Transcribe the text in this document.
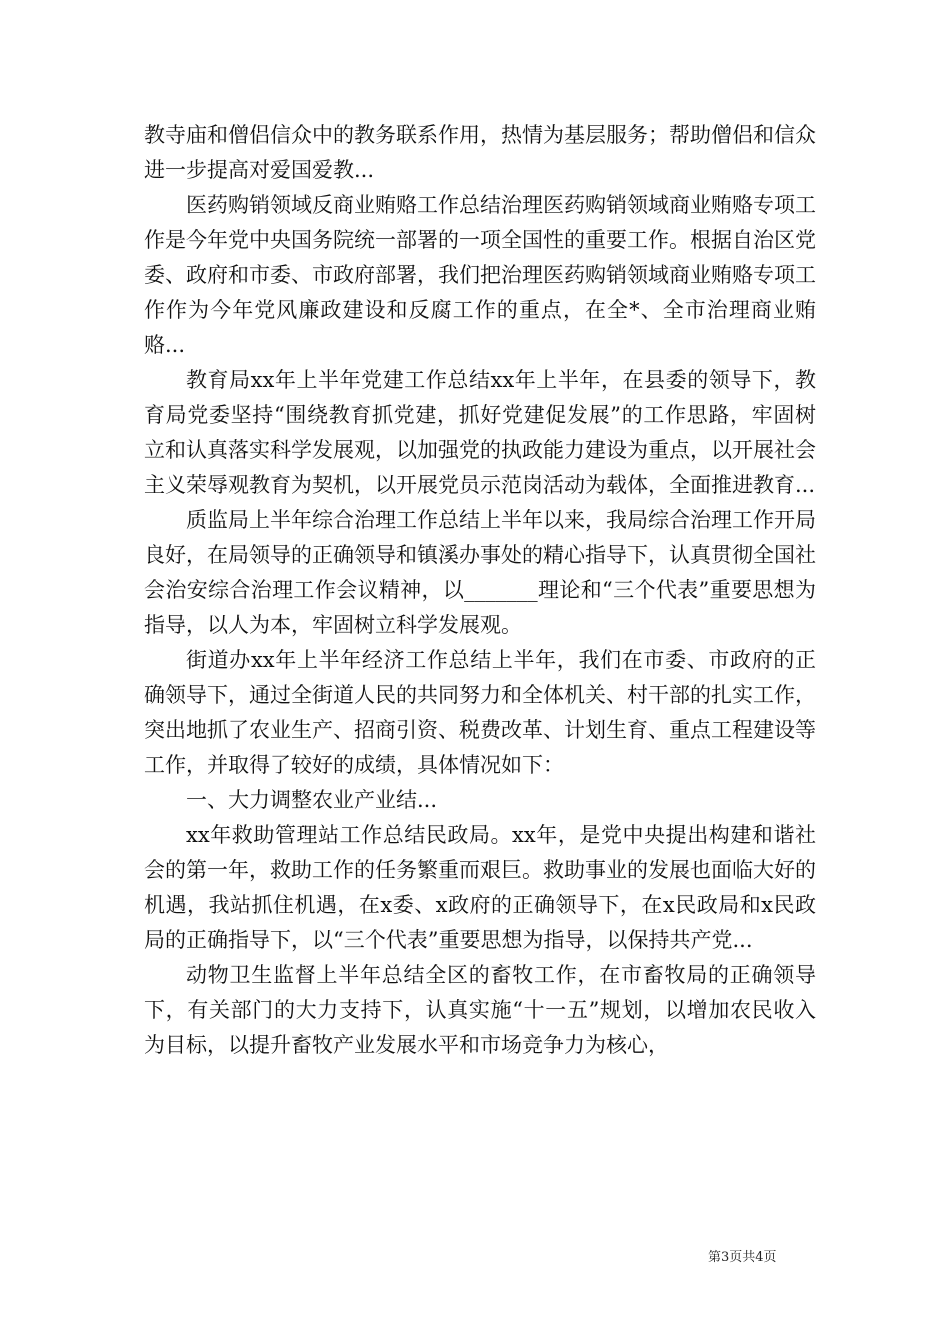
教寺庙和僧侣信众中的教务联系作用，热情为基层服务；帮助僧侣和信众进一步提高对爱国爱教...

医药购销领域反商业贿赂工作总结治理医药购销领域商业贿赂专项工作是今年党中央国务院统一部署的一项全国性的重要工作。根据自治区党委、政府和市委、市政府部署，我们把治理医药购销领域商业贿赂专项工作作为今年党风廉政建设和反腐工作的重点，在全*、全市治理商业贿赂...

教育局xx年上半年党建工作总结xx年上半年，在县委的领导下，教育局党委坚持“围绕教育抓党建，抓好党建促发展”的工作思路，牢固树立和认真落实科学发展观，以加强党的执政能力建设为重点，以开展社会主义荣辱观教育为契机，以开展党员示范岗活动为载体，全面推进教育...

质监局上半年综合治理工作总结上半年以来，我局综合治理工作开局良好，在局领导的正确领导和镇溪办事处的精心指导下，认真贯彻全国社会治安综合治理工作会议精神，以_______理论和“三个代表”重要思想为指导，以人为本，牢固树立科学发展观。

街道办xx年上半年经济工作总结上半年，我们在市委、市政府的正确领导下，通过全街道人民的共同努力和全体机关、村干部的扎实工作，突出地抓了农业生产、招商引资、税费改革、计划生育、重点工程建设等工作，并取得了较好的成绩，具体情况如下：

一、大力调整农业产业结...

xx年救助管理站工作总结民政局。xx年，是党中央提出构建和谐社会的第一年，救助工作的任务繁重而艰巨。救助事业的发展也面临大好的机遇，我站抓住机遇，在x委、x政府的正确领导下，在x民政局和x民政局的正确指导下，以“三个代表”重要思想为指导，以保持共产党...

动物卫生监督上半年总结全区的畜牧工作，在市畜牧局的正确领导下，有关部门的大力支持下，认真实施“十一五”规划，以增加农民收入为目标，以提升畜牧产业发展水平和市场竞争力为核心，

第3页共4页
